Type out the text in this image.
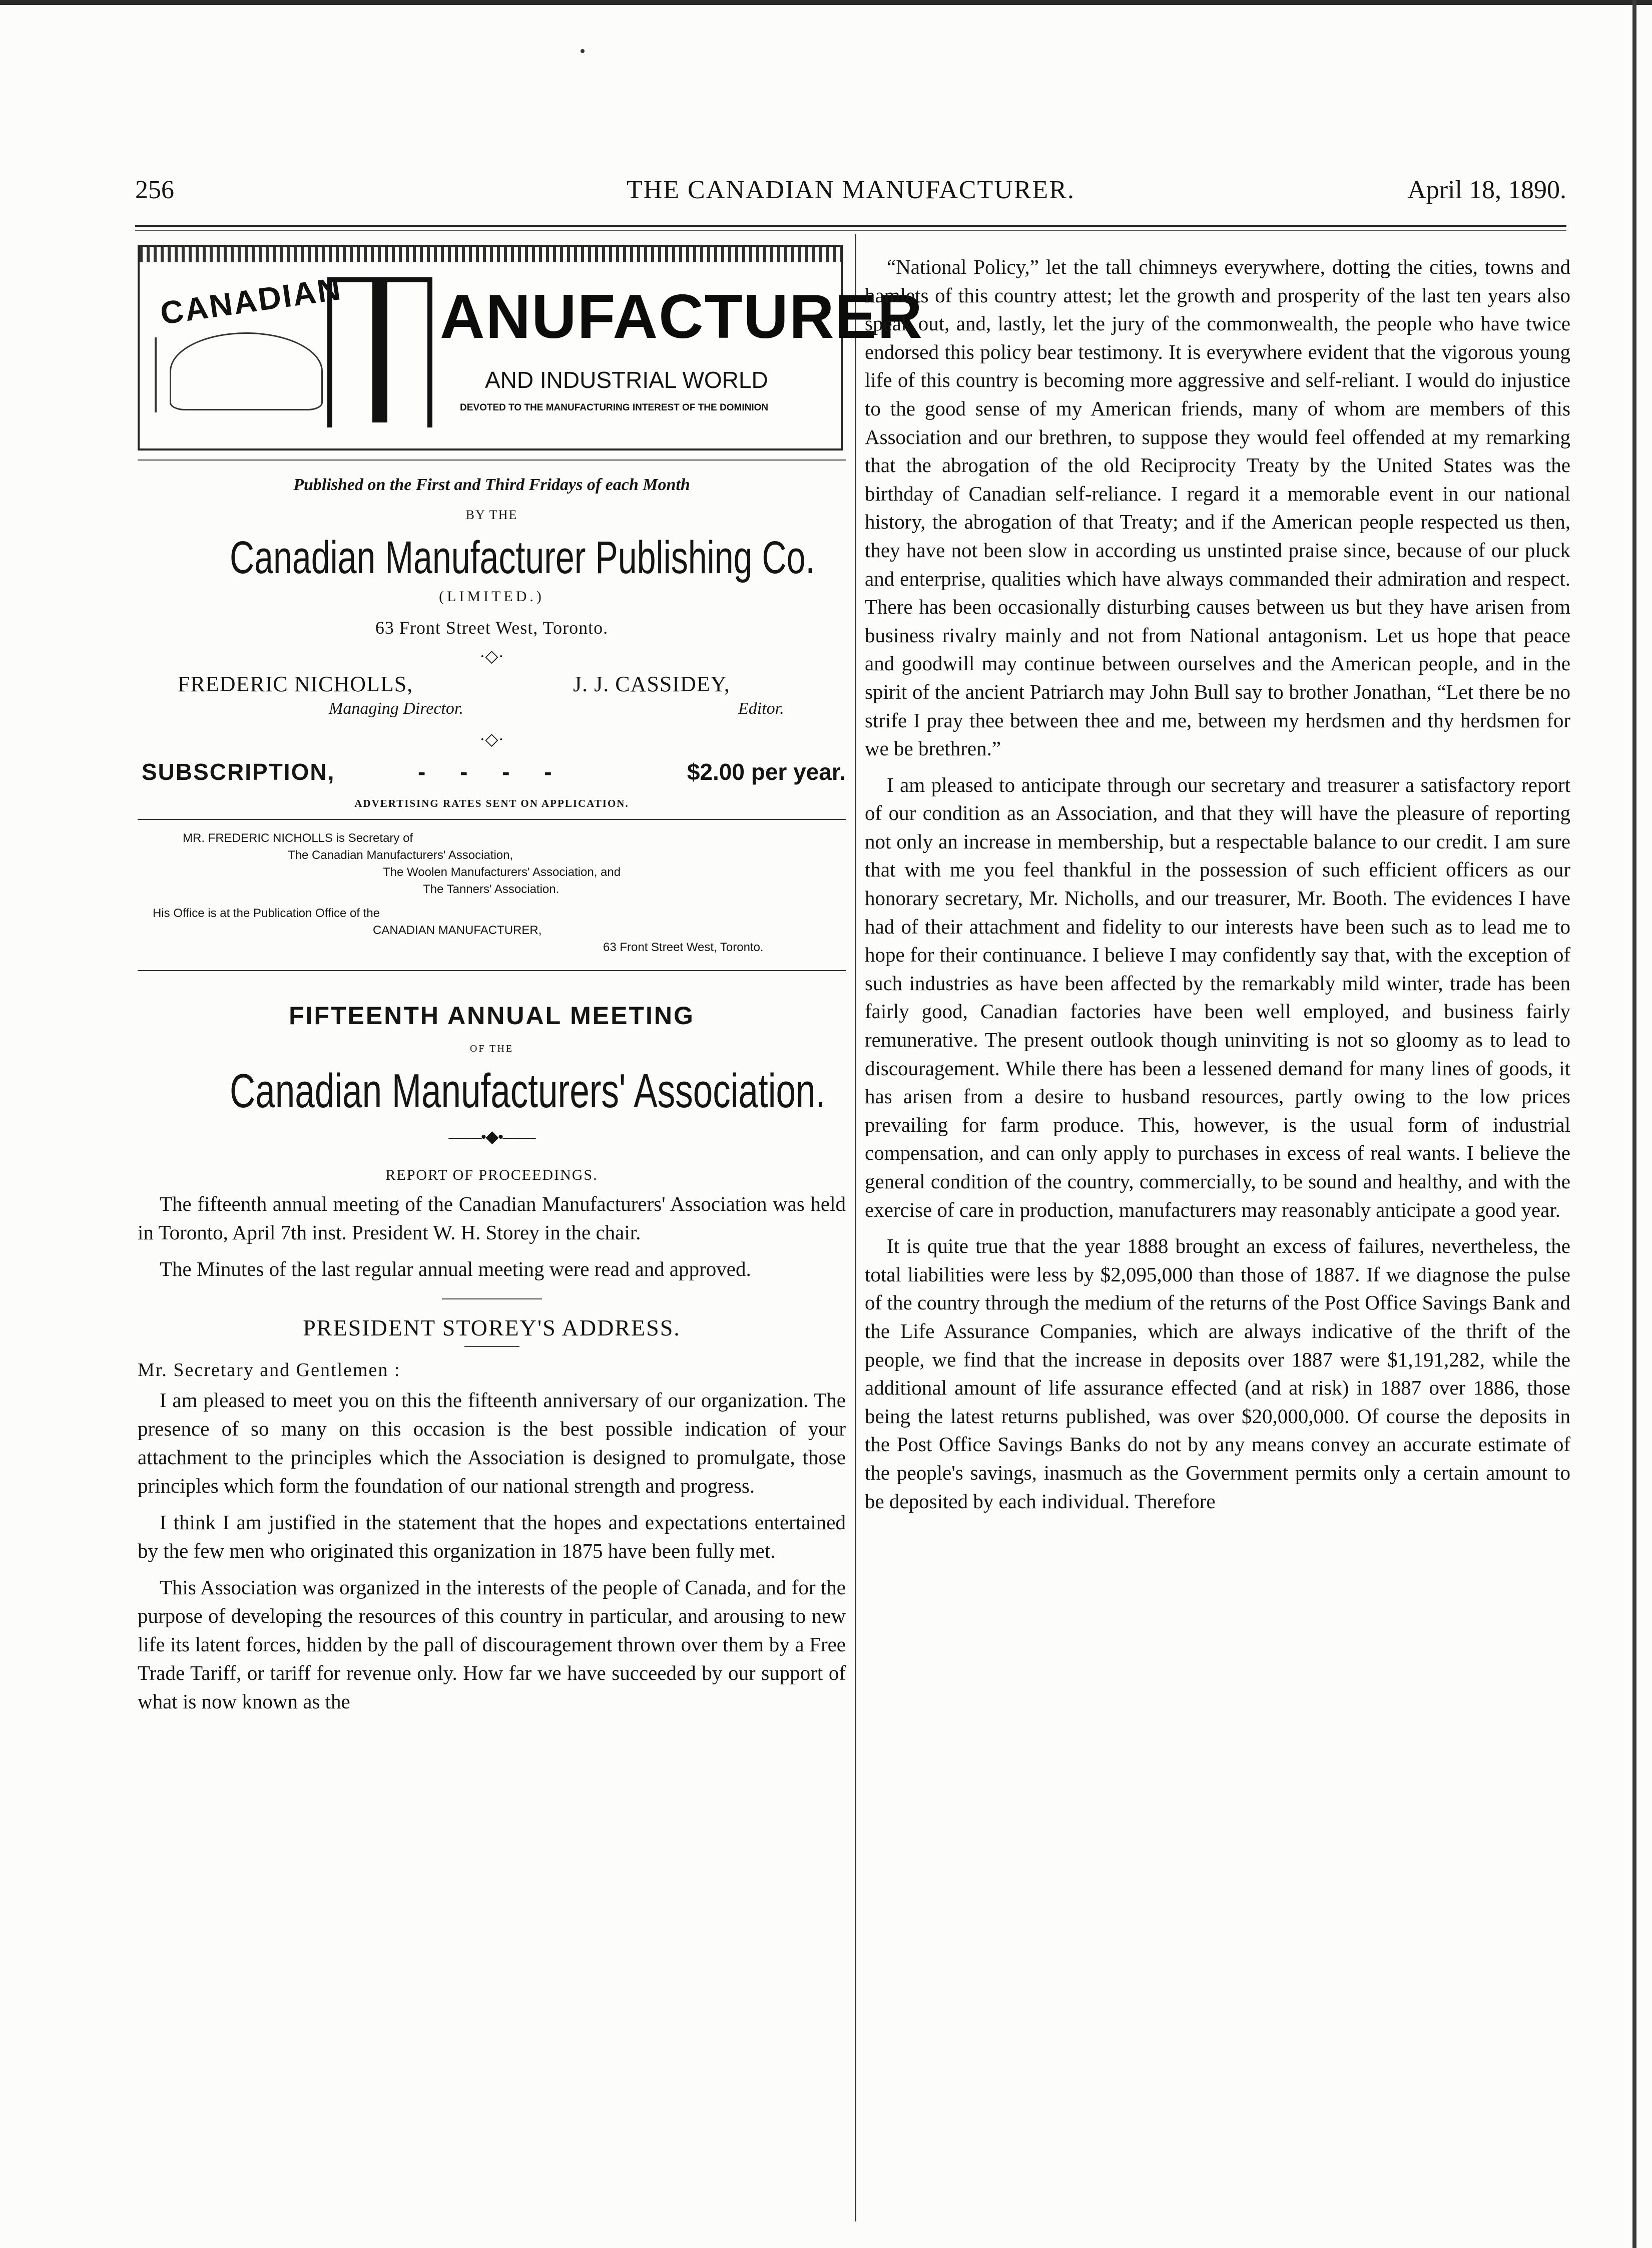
256	THE CANADIAN MANUFACTURER.	April 18, 1890.
CANADIAN ANUFACTURER
AND INDUSTRIAL WORLD
DEVOTED TO THE MANUFACTURING INTEREST OF THE DOMINION
Published on the First and Third Fridays of each Month
BY THE
Canadian Manufacturer Publishing Co.
(LIMITED.)
63 Front Street West, Toronto.
·◇·
FREDERIC NICHOLLS,
Managing Director.
J. J. CASSIDEY,
Editor.
·◇·
SUBSCRIPTION,	- - - -	$2.00 per year.
ADVERTISING RATES SENT ON APPLICATION.
MR. FREDERIC NICHOLLS is Secretary of
The Canadian Manufacturers' Association,
The Woolen Manufacturers' Association, and
The Tanners' Association.
His Office is at the Publication Office of the
CANADIAN MANUFACTURER,
63 Front Street West, Toronto.
FIFTEENTH ANNUAL MEETING
OF THE
Canadian Manufacturers' Association.
——•◆•——
REPORT OF PROCEEDINGS.

The fifteenth annual meeting of the Canadian Manufacturers' Association was held in Toronto, April 7th inst. President W. H. Storey in the chair.

The Minutes of the last regular annual meeting were read and approved.

PRESIDENT STOREY'S ADDRESS.
Mr. Secretary and Gentlemen :

I am pleased to meet you on this the fifteenth anniversary of our organization. The presence of so many on this occasion is the best possible indication of your attachment to the principles which the Association is designed to promulgate, those principles which form the foundation of our national strength and progress.

I think I am justified in the statement that the hopes and expectations entertained by the few men who originated this organization in 1875 have been fully met.

This Association was organized in the interests of the people of Canada, and for the purpose of developing the resources of this country in particular, and arousing to new life its latent forces, hidden by the pall of discouragement thrown over them by a Free Trade Tariff, or tariff for revenue only. How far we have succeeded by our support of what is now known as the

“National Policy,” let the tall chimneys everywhere, dotting the cities, towns and hamlets of this country attest; let the growth and prosperity of the last ten years also speak out, and, lastly, let the jury of the commonwealth, the people who have twice endorsed this policy bear testimony. It is everywhere evident that the vigorous young life of this country is becoming more aggressive and self-reliant. I would do injustice to the good sense of my American friends, many of whom are members of this Association and our brethren, to suppose they would feel offended at my remarking that the abrogation of the old Reciprocity Treaty by the United States was the birthday of Canadian self-reliance. I regard it a memorable event in our national history, the abrogation of that Treaty; and if the American people respected us then, they have not been slow in according us unstinted praise since, because of our pluck and enterprise, qualities which have always commanded their admiration and respect. There has been occasionally disturbing causes between us but they have arisen from business rivalry mainly and not from National antagonism. Let us hope that peace and goodwill may continue between ourselves and the American people, and in the spirit of the ancient Patriarch may John Bull say to brother Jonathan, “Let there be no strife I pray thee between thee and me, between my herdsmen and thy herdsmen for we be brethren.”

I am pleased to anticipate through our secretary and treasurer a satisfactory report of our condition as an Association, and that they will have the pleasure of reporting not only an increase in membership, but a respectable balance to our credit. I am sure that with me you feel thankful in the possession of such efficient officers as our honorary secretary, Mr. Nicholls, and our treasurer, Mr. Booth. The evidences I have had of their attachment and fidelity to our interests have been such as to lead me to hope for their continuance. I believe I may confidently say that, with the exception of such industries as have been affected by the remarkably mild winter, trade has been fairly good, Canadian factories have been well employed, and business fairly remunerative. The present outlook though uninviting is not so gloomy as to lead to discouragement. While there has been a lessened demand for many lines of goods, it has arisen from a desire to husband resources, partly owing to the low prices prevailing for farm produce. This, however, is the usual form of industrial compensation, and can only apply to purchases in excess of real wants. I believe the general condition of the country, commercially, to be sound and healthy, and with the exercise of care in production, manufacturers may reasonably anticipate a good year.

It is quite true that the year 1888 brought an excess of failures, nevertheless, the total liabilities were less by $2,095,000 than those of 1887. If we diagnose the pulse of the country through the medium of the returns of the Post Office Savings Bank and the Life Assurance Companies, which are always indicative of the thrift of the people, we find that the increase in deposits over 1887 were $1,191,282, while the additional amount of life assurance effected (and at risk) in 1887 over 1886, those being the latest returns published, was over $20,000,000. Of course the deposits in the Post Office Savings Banks do not by any means convey an accurate estimate of the people's savings, inasmuch as the Government permits only a certain amount to be deposited by each individual. Therefore
